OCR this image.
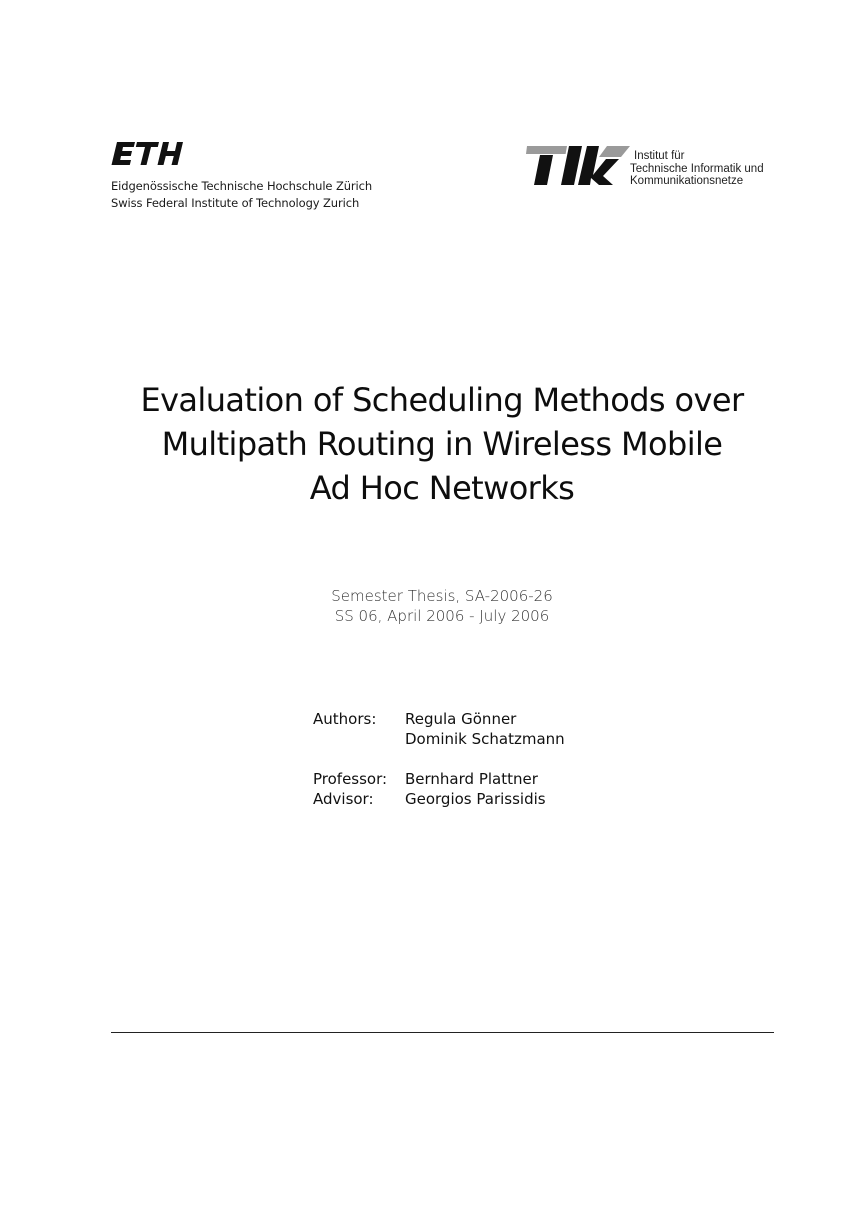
Eidgenössische Technische Hochschule Zürich
Swiss Federal Institute of Technology Zurich
Institut für
Technische Informatik und
Kommunikationsnetze
Evaluation of Scheduling Methods over
Multipath Routing in Wireless Mobile
Ad Hoc Networks
Semester Thesis, SA-2006-26
SS 06, April 2006 - July 2006
Authors:	Regula Gönner
Dominik Schatzmann
Professor:	Bernhard Plattner
Advisor:	Georgios Parissidis
